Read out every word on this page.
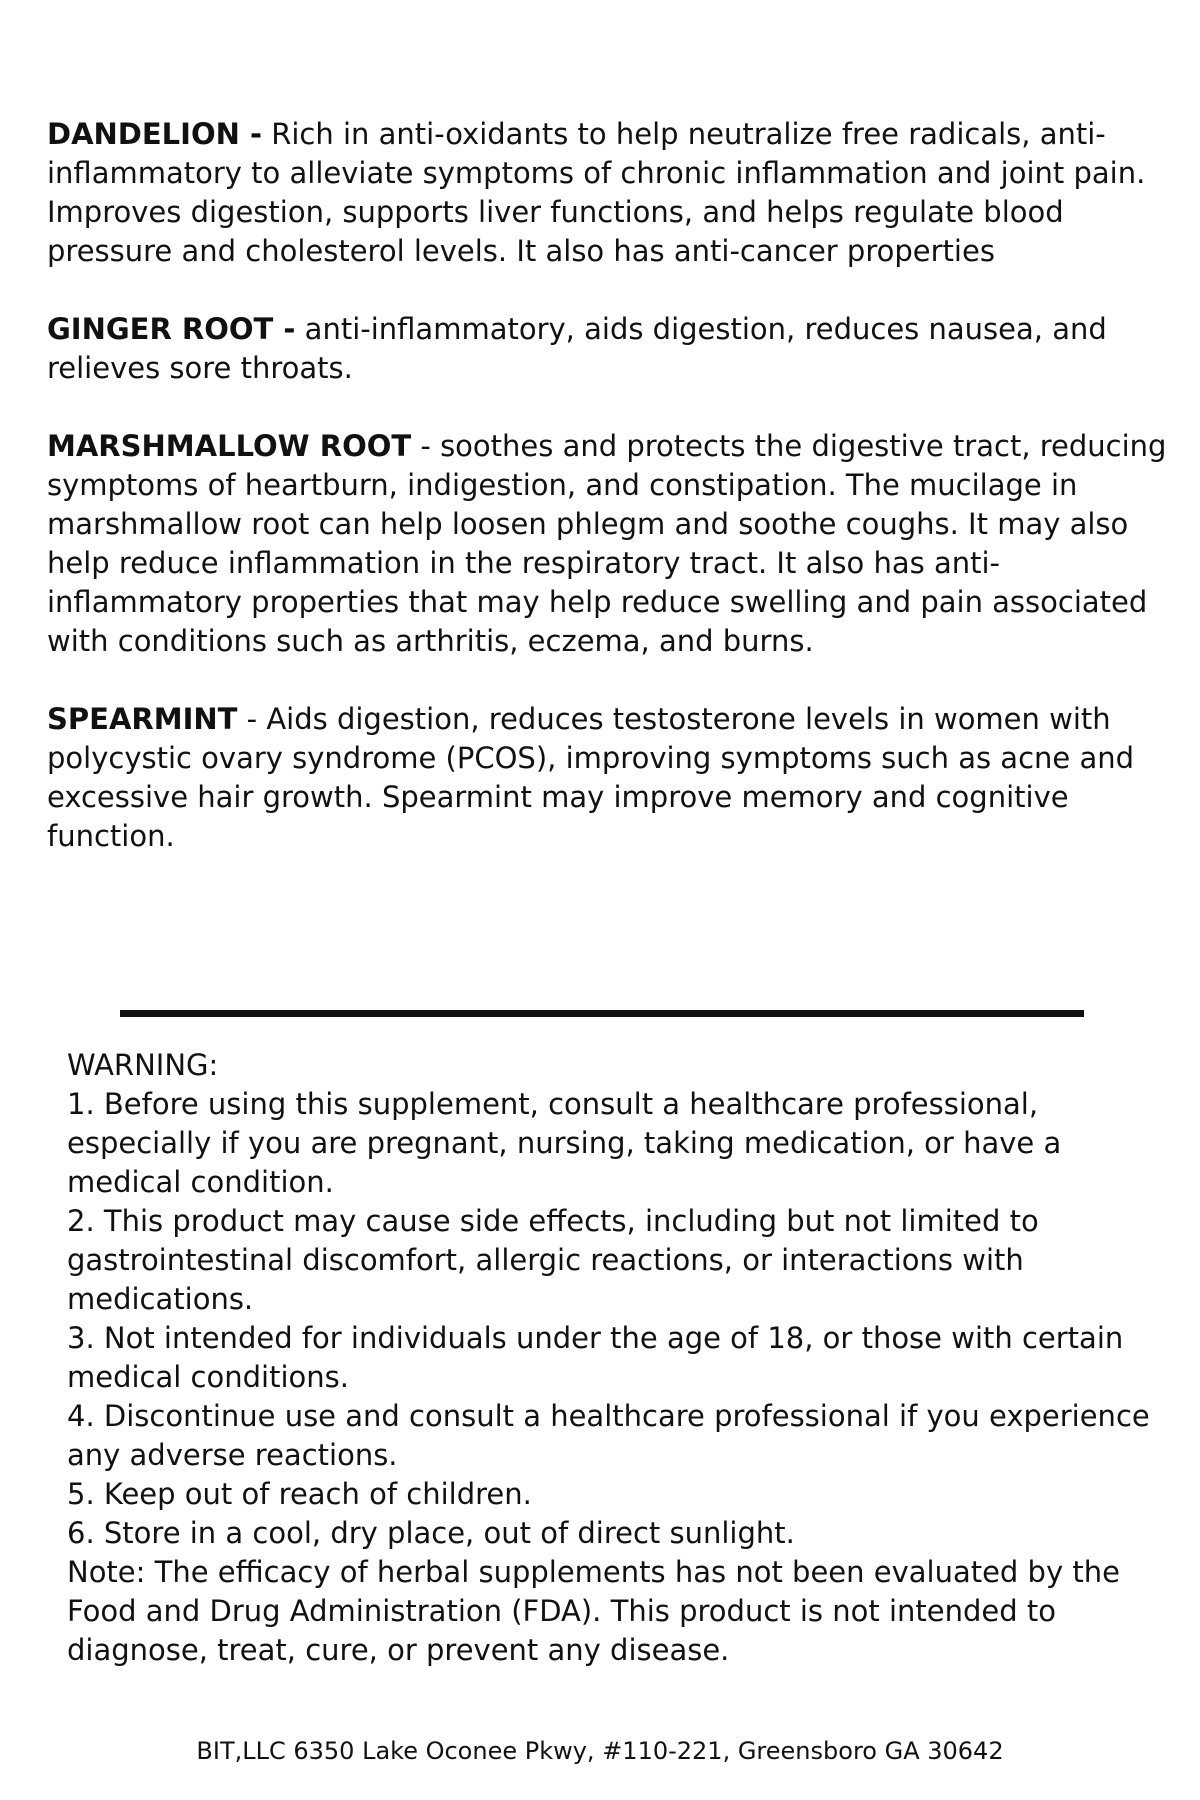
DANDELION - Rich in anti-oxidants to help neutralize free radicals, anti-inflammatory to alleviate symptoms of chronic inflammation and joint pain. Improves digestion, supports liver functions, and helps regulate blood pressure and cholesterol levels. It also has anti-cancer properties

GINGER ROOT - anti-inflammatory, aids digestion, reduces nausea, and relieves sore throats.

MARSHMALLOW ROOT - soothes and protects the digestive tract, reducing symptoms of heartburn, indigestion, and constipation. The mucilage in marshmallow root can help loosen phlegm and soothe coughs. It may also help reduce inflammation in the respiratory tract. It also has anti-inflammatory properties that may help reduce swelling and pain associated with conditions such as arthritis, eczema, and burns.

SPEARMINT - Aids digestion, reduces testosterone levels in women with polycystic ovary syndrome (PCOS), improving symptoms such as acne and excessive hair growth. Spearmint may improve memory and cognitive function.

WARNING:

1. Before using this supplement, consult a healthcare professional, especially if you are pregnant, nursing, taking medication, or have a medical condition.

2. This product may cause side effects, including but not limited to gastrointestinal discomfort, allergic reactions, or interactions with medications.

3. Not intended for individuals under the age of 18, or those with certain medical conditions.

4. Discontinue use and consult a healthcare professional if you experience any adverse reactions.

5. Keep out of reach of children.

6. Store in a cool, dry place, out of direct sunlight.

Note: The efficacy of herbal supplements has not been evaluated by the Food and Drug Administration (FDA). This product is not intended to diagnose, treat, cure, or prevent any disease.

BIT,LLC 6350 Lake Oconee Pkwy, #110-221, Greensboro GA 30642
